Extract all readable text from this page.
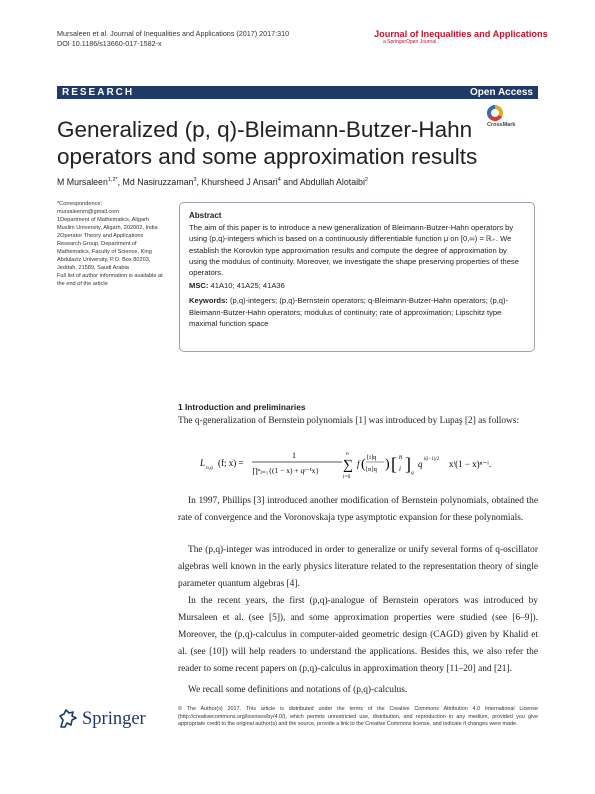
Mursaleen et al. Journal of Inequalities and Applications (2017) 2017:310
DOI 10.1186/s13660-017-1582-x
Journal of Inequalities and Applications
a SpringerOpen Journal
RESEARCH	Open Access
CrossMark
Generalized (p, q)-Bleimann-Butzer-Hahn operators and some approximation results
M Mursaleen$^{1,2*}$, Md Nasiruzzaman$^3$, Khursheed J Ansari$^4$ and Abdullah Alotaibi$^2$

*Correspondence:

mursaleenm@gmail.com

1Department of Mathematics, Aligarh Muslim University, Aligarh, 202002, India

2Operator Theory and Applications Research Group, Department of Mathematics, Faculty of Science, King Abdulaziz University, P.O. Box 80203, Jeddah, 21589, Saudi Arabia

Full list of author information is available at the end of the article

Abstract

The aim of this paper is to introduce a new generalization of Bleimann-Butzer-Hahn operators by using (p,q)-integers which is based on a continuously differentiable function μ on [0,∞) = ℝ₊. We establish the Korovkin type approximation results and compute the degree of approximation by using the modulus of continuity. Moreover, we investigate the shape preserving properties of these operators.

MSC: 41A10; 41A25; 41A36
Keywords: (p,q)-integers; (p,q)-Bernstein operators; q-Bleimann-Butzer-Hahn operators; (p,q)-Bleimann-Butzer-Hahn operators; modulus of continuity; rate of approximation; Lipschitz type maximal function space
1 Introduction and preliminaries

The q-generalization of Bernstein polynomials [1] was introduced by Lupaş [2] as follows:

L n,q (f; x) =
1
∏ⁿⱼ₌₁{(1 − x) + qʲ⁻¹x}
n
∑
i=0
f ( [i]q
[n]q ) [ n
i ] q
q i(i−1)/2 xⁱ(1 − x)ⁿ⁻ⁱ.

In 1997, Phillips [3] introduced another modification of Bernstein polynomials, obtained the rate of convergence and the Voronovskaja type asymptotic expansion for these polynomials.

The (p,q)-integer was introduced in order to generalize or unify several forms of q-oscillator algebras well known in the early physics literature related to the representation theory of single parameter quantum algebras [4].

In the recent years, the first (p,q)-analogue of Bernstein operators was introduced by Mursaleen et al. (see [5]), and some approximation properties were studied (see [6–9]). Moreover, the (p,q)-calculus in computer-aided geometric design (CAGD) given by Khalid et al. (see [10]) will help readers to understand the applications. Besides this, we also refer the reader to some recent papers on (p,q)-calculus in approximation theory [11–20] and [21].

We recall some definitions and notations of (p,q)-calculus.

Springer	© The Author(s) 2017. This article is distributed under the terms of the Creative Commons Attribution 4.0 International License (http://creativecommons.org/licenses/by/4.0/), which permits unrestricted use, distribution, and reproduction in any medium, provided you give appropriate credit to the original author(s) and the source, provide a link to the Creative Commons license, and indicate if changes were made.
